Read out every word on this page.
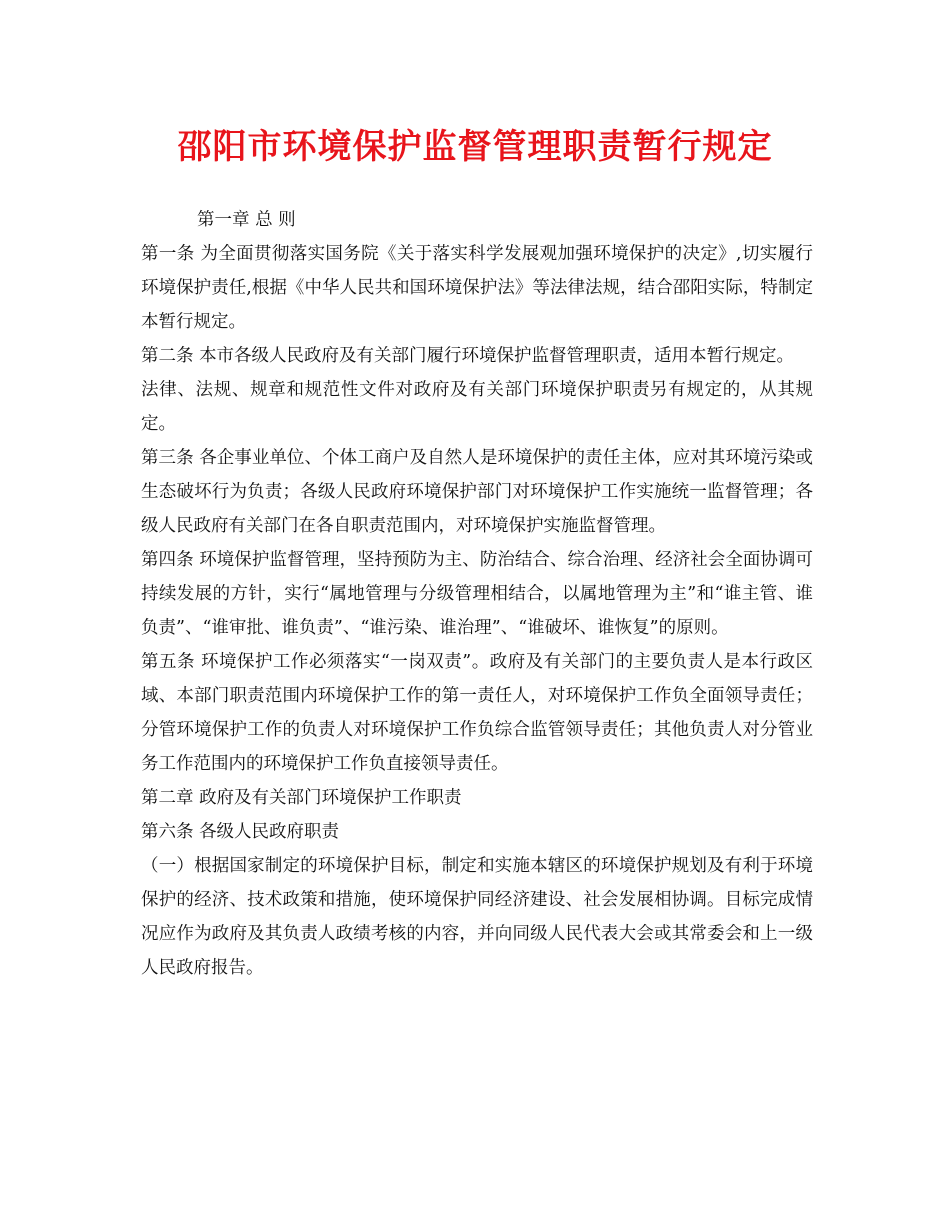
邵阳市环境保护监督管理职责暂行规定

第一章 总 则

第一条 为全面贯彻落实国务院《关于落实科学发展观加强环境保护的决定》,切实履行环境保护责任,根据《中华人民共和国环境保护法》等法律法规，结合邵阳实际，特制定本暂行规定。

第二条 本市各级人民政府及有关部门履行环境保护监督管理职责，适用本暂行规定。

法律、法规、规章和规范性文件对政府及有关部门环境保护职责另有规定的，从其规定。

第三条 各企事业单位、个体工商户及自然人是环境保护的责任主体，应对其环境污染或生态破坏行为负责；各级人民政府环境保护部门对环境保护工作实施统一监督管理；各级人民政府有关部门在各自职责范围内，对环境保护实施监督管理。

第四条 环境保护监督管理，坚持预防为主、防治结合、综合治理、经济社会全面协调可持续发展的方针，实行“属地管理与分级管理相结合，以属地管理为主”和“谁主管、谁负责”、“谁审批、谁负责”、“谁污染、谁治理”、“谁破坏、谁恢复”的原则。

第五条 环境保护工作必须落实“一岗双责”。政府及有关部门的主要负责人是本行政区域、本部门职责范围内环境保护工作的第一责任人，对环境保护工作负全面领导责任；分管环境保护工作的负责人对环境保护工作负综合监管领导责任；其他负责人对分管业务工作范围内的环境保护工作负直接领导责任。

第二章 政府及有关部门环境保护工作职责

第六条 各级人民政府职责

（一）根据国家制定的环境保护目标，制定和实施本辖区的环境保护规划及有利于环境保护的经济、技术政策和措施，使环境保护同经济建设、社会发展相协调。目标完成情况应作为政府及其负责人政绩考核的内容，并向同级人民代表大会或其常委会和上一级人民政府报告。
